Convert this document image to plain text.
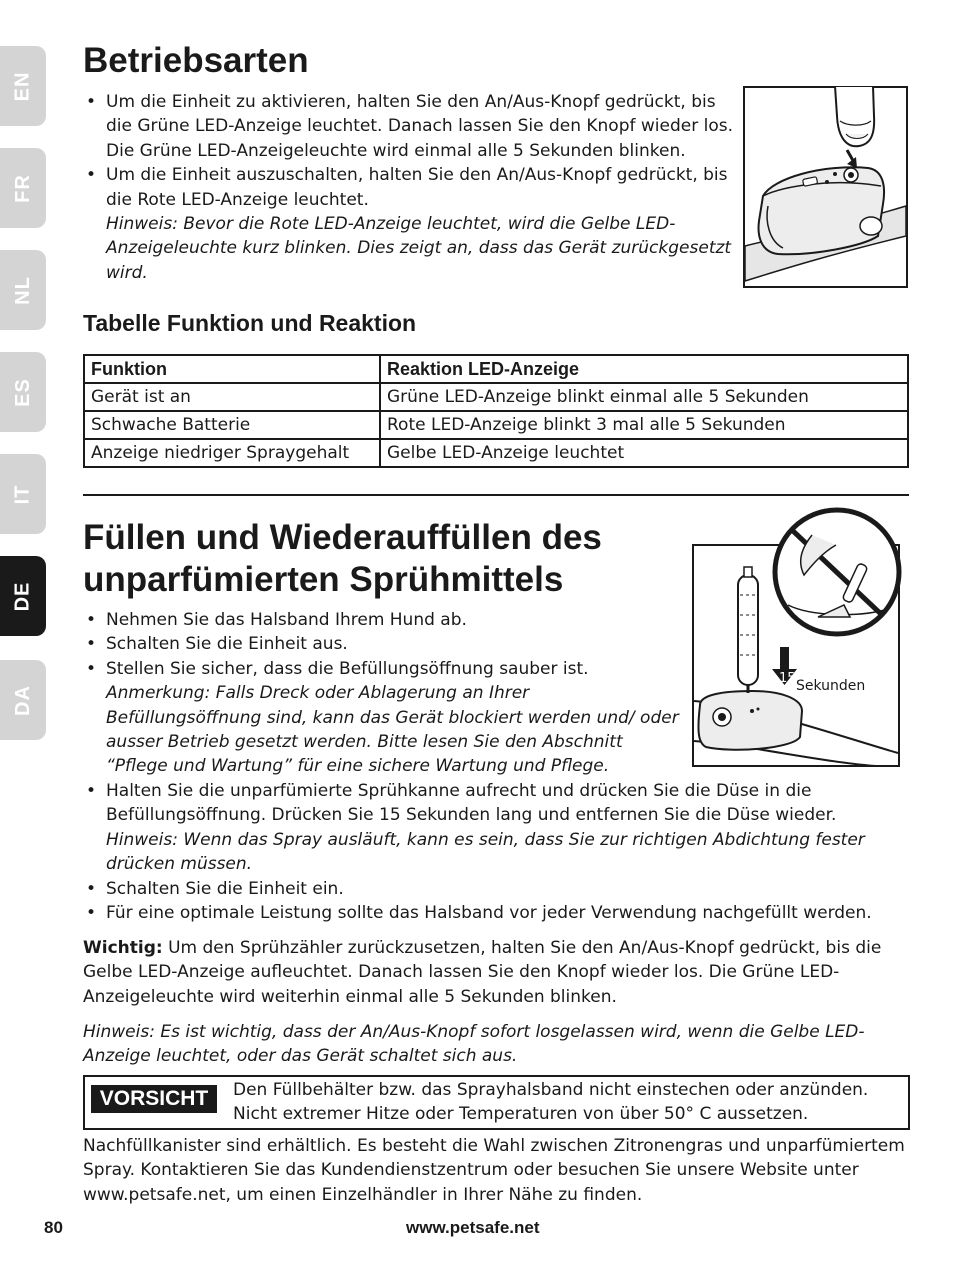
EN
FR
NL
ES
IT
DE
DA
Betriebsarten
• Um die Einheit zu aktivieren, halten Sie den An/Aus-Knopf gedrückt, bis die Grüne LED-Anzeige leuchtet. Danach lassen Sie den Knopf wieder los. Die Grüne LED-Anzeigeleuchte wird einmal alle 5 Sekunden blinken.
• Um die Einheit auszuschalten, halten Sie den An/Aus-Knopf gedrückt, bis die Rote LED-Anzeige leuchtet.
Hinweis: Bevor die Rote LED-Anzeige leuchtet, wird die Gelbe LED-Anzeigeleuchte kurz blinken. Dies zeigt an, dass das Gerät zurückgesetzt wird.
Tabelle Funktion und Reaktion
Funktion	Reaktion LED-Anzeige
Gerät ist an	Grüne LED-Anzeige blinkt einmal alle 5 Sekunden
Schwache Batterie	Rote LED-Anzeige blinkt 3 mal alle 5 Sekunden
Anzeige niedriger Spraygehalt	Gelbe LED-Anzeige leuchtet
Füllen und Wiederauffüllen des
unparfümierten Sprühmittels
15 Sekunden
• Nehmen Sie das Halsband Ihrem Hund ab.
• Schalten Sie die Einheit aus.
• Stellen Sie sicher, dass die Befüllungsöffnung sauber ist.
Anmerkung: Falls Dreck oder Ablagerung an Ihrer Befüllungsöffnung sind, kann das Gerät blockiert werden und/ oder ausser Betrieb gesetzt werden. Bitte lesen Sie den Abschnitt “Pflege und Wartung” für eine sichere Wartung und Pflege.
• Halten Sie die unparfümierte Sprühkanne aufrecht und drücken Sie die Düse in die Befüllungsöffnung. Drücken Sie 15 Sekunden lang und entfernen Sie die Düse wieder.
Hinweis: Wenn das Spray ausläuft, kann es sein, dass Sie zur richtigen Abdichtung fester drücken müssen.
• Schalten Sie die Einheit ein.
• Für eine optimale Leistung sollte das Halsband vor jeder Verwendung nachgefüllt werden.

Wichtig: Um den Sprühzähler zurückzusetzen, halten Sie den An/Aus-Knopf gedrückt, bis die Gelbe LED-Anzeige aufleuchtet. Danach lassen Sie den Knopf wieder los. Die Grüne LED-Anzeigeleuchte wird weiterhin einmal alle 5 Sekunden blinken.

Hinweis: Es ist wichtig, dass der An/Aus-Knopf sofort losgelassen wird, wenn die Gelbe LED-Anzeige leuchtet, oder das Gerät schaltet sich aus.

VORSICHT	Den Füllbehälter bzw. das Sprayhalsband nicht einstechen oder anzünden. Nicht extremer Hitze oder Temperaturen von über 50° C aussetzen.

Nachfüllkanister sind erhältlich. Es besteht die Wahl zwischen Zitronengras und unparfümiertem Spray. Kontaktieren Sie das Kundendienstzentrum oder besuchen Sie unsere Website unter www.petsafe.net, um einen Einzelhändler in Ihrer Nähe zu finden.

80	www.petsafe.net
